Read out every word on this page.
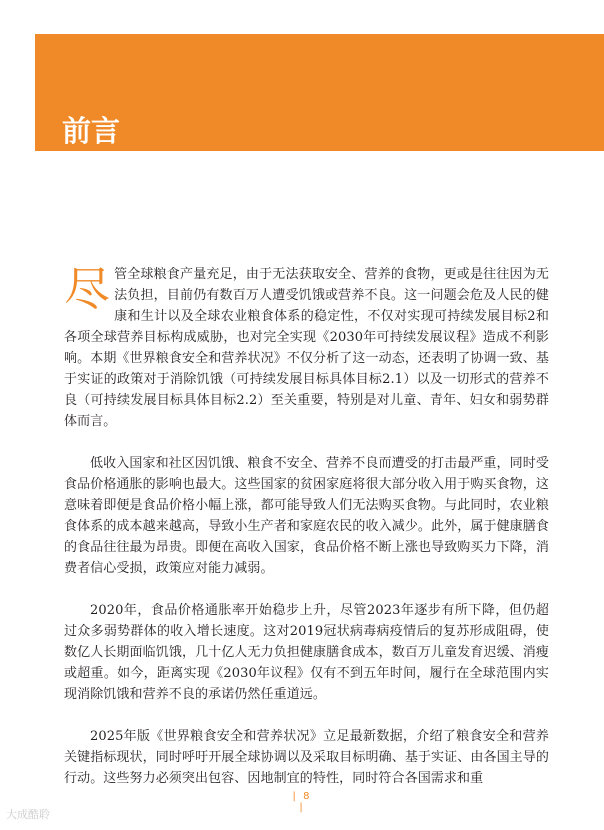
前言

尽管全球粮食产量充足，由于无法获取安全、营养的食物，更或是往往因为无法负担，目前仍有数百万人遭受饥饿或营养不良。这一问题会危及人民的健康和生计以及全球农业粮食体系的稳定性，不仅对实现可持续发展目标2和各项全球营养目标构成威胁，也对完全实现《2030年可持续发展议程》造成不利影响。本期《世界粮食安全和营养状况》不仅分析了这一动态，还表明了协调一致、基于实证的政策对于消除饥饿（可持续发展目标具体目标2.1）以及一切形式的营养不良（可持续发展目标具体目标2.2）至关重要，特别是对儿童、青年、妇女和弱势群体而言。

低收入国家和社区因饥饿、粮食不安全、营养不良而遭受的打击最严重，同时受食品价格通胀的影响也最大。这些国家的贫困家庭将很大部分收入用于购买食物，这意味着即便是食品价格小幅上涨，都可能导致人们无法购买食物。与此同时，农业粮食体系的成本越来越高，导致小生产者和家庭农民的收入减少。此外，属于健康膳食的食品往往最为昂贵。即便在高收入国家，食品价格不断上涨也导致购买力下降，消费者信心受损，政策应对能力减弱。

2020年，食品价格通胀率开始稳步上升，尽管2023年逐步有所下降，但仍超过众多弱势群体的收入增长速度。这对2019冠状病毒病疫情后的复苏形成阻碍，使数亿人长期面临饥饿，几十亿人无力负担健康膳食成本，数百万儿童发育迟缓、消瘦或超重。如今，距离实现《2030年议程》仅有不到五年时间，履行在全球范围内实现消除饥饿和营养不良的承诺仍然任重道远。

2025年版《世界粮食安全和营养状况》立足最新数据，介绍了粮食安全和营养关键指标现状，同时呼吁开展全球协调以及采取目标明确、基于实证、由各国主导的行动。这些努力必须突出包容、因地制宜的特性，同时符合各国需求和重

| 8 |
大成酷聆
